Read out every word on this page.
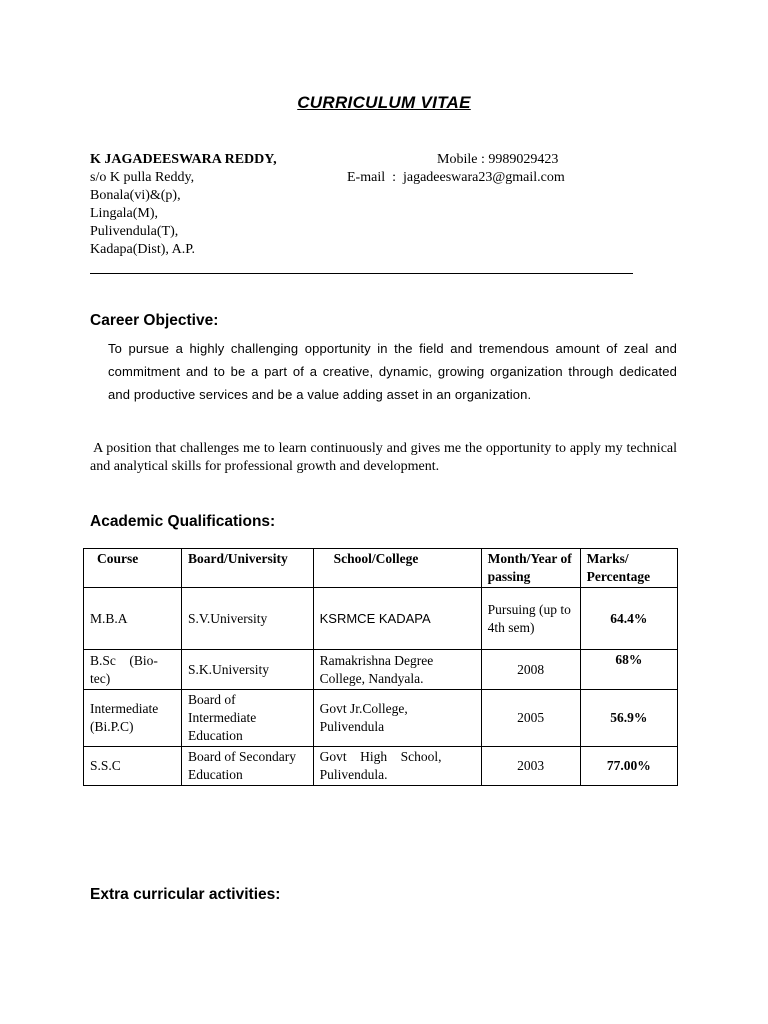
CURRICULUM VITAE
K JAGADEESWARA REDDY,
s/o K pulla Reddy,
Bonala(vi)&(p),
Lingala(M),
Pulivendula(T),
Kadapa(Dist), A.P.
Mobile : 9989029423
E-mail  :  jagadeeswara23@gmail.com
Career Objective:
To pursue a highly challenging opportunity in the field and tremendous amount of zeal and commitment and to be a part of a creative, dynamic, growing organization through dedicated and productive services and be a value adding asset in an organization.
A position that challenges me to learn continuously and gives me the opportunity to apply my technical and analytical skills for professional growth and development.
Academic Qualifications:
Course	Board/University	School/College	Month/Year of passing	Marks/ Percentage
M.B.A	S.V.University	KSRMCE KADAPA	Pursuing (up to 4th sem)	64.4%
B.Sc    (Bio-tec)	S.K.University	Ramakrishna Degree College, Nandyala.	2008	68%
Intermediate (Bi.P.C)	Board of Intermediate Education	Govt Jr.College, Pulivendula	2005	56.9%
S.S.C	Board of Secondary Education	Govt    High    School, Pulivendula.	2003	77.00%
Extra curricular activities:
